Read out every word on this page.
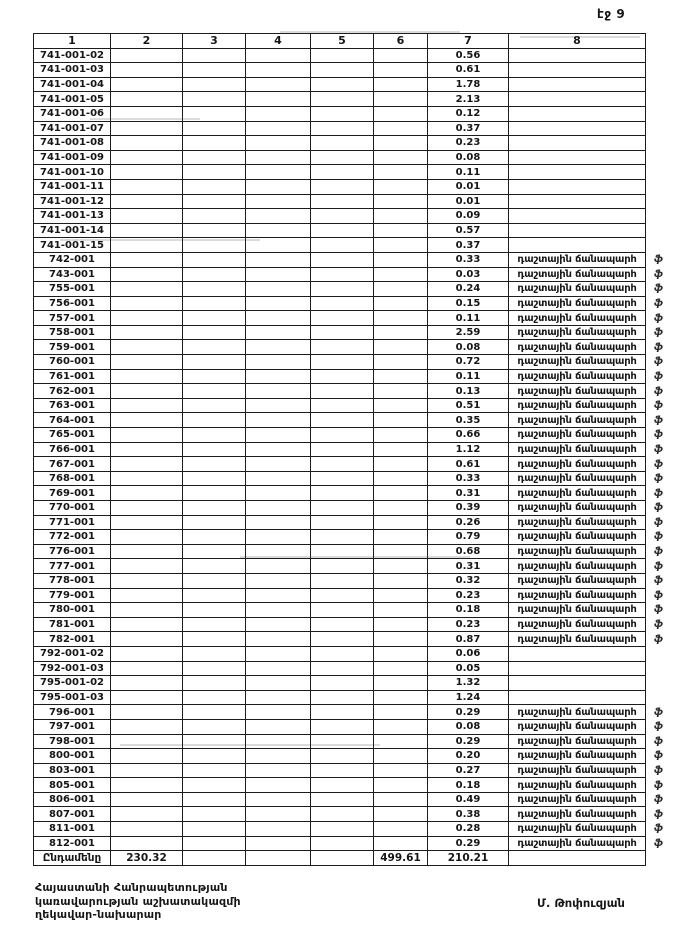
էջ 9
1	2	3	4	5	6	7	8	
741-001-02						0.56		
741-001-03						0.61		
741-001-04						1.78		
741-001-05						2.13		
741-001-06						0.12		
741-001-07						0.37		
741-001-08						0.23		
741-001-09						0.08		
741-001-10						0.11		
741-001-11						0.01		
741-001-12						0.01		
741-001-13						0.09		
741-001-14						0.57		
741-001-15						0.37		
742-001						0.33	դաշտային ճանապարհ	ֆ
743-001						0.03	դաշտային ճանապարհ	ֆ
755-001						0.24	դաշտային ճանապարհ	ֆ
756-001						0.15	դաշտային ճանապարհ	ֆ
757-001						0.11	դաշտային ճանապարհ	ֆ
758-001						2.59	դաշտային ճանապարհ	ֆ
759-001						0.08	դաշտային ճանապարհ	ֆ
760-001						0.72	դաշտային ճանապարհ	ֆ
761-001						0.11	դաշտային ճանապարհ	ֆ
762-001						0.13	դաշտային ճանապարհ	ֆ
763-001						0.51	դաշտային ճանապարհ	ֆ
764-001						0.35	դաշտային ճանապարհ	ֆ
765-001						0.66	դաշտային ճանապարհ	ֆ
766-001						1.12	դաշտային ճանապարհ	ֆ
767-001						0.61	դաշտային ճանապարհ	ֆ
768-001						0.33	դաշտային ճանապարհ	ֆ
769-001						0.31	դաշտային ճանապարհ	ֆ
770-001						0.39	դաշտային ճանապարհ	ֆ
771-001						0.26	դաշտային ճանապարհ	ֆ
772-001						0.79	դաշտային ճանապարհ	ֆ
776-001						0.68	դաշտային ճանապարհ	ֆ
777-001						0.31	դաշտային ճանապարհ	ֆ
778-001						0.32	դաշտային ճանապարհ	ֆ
779-001						0.23	դաշտային ճանապարհ	ֆ
780-001						0.18	դաշտային ճանապարհ	ֆ
781-001						0.23	դաշտային ճանապարհ	ֆ
782-001						0.87	դաշտային ճանապարհ	ֆ
792-001-02						0.06		
792-001-03						0.05		
795-001-02						1.32		
795-001-03						1.24		
796-001						0.29	դաշտային ճանապարհ	ֆ
797-001						0.08	դաշտային ճանապարհ	ֆ
798-001						0.29	դաշտային ճանապարհ	ֆ
800-001						0.20	դաշտային ճանապարհ	ֆ
803-001						0.27	դաշտային ճանապարհ	ֆ
805-001						0.18	դաշտային ճանապարհ	ֆ
806-001						0.49	դաշտային ճանապարհ	ֆ
807-001						0.38	դաշտային ճանապարհ	ֆ
811-001						0.28	դաշտային ճանապարհ	ֆ
812-001						0.29	դաշտային ճանապարհ	ֆ
Ընդամենը	230.32				499.61	210.21		
Հայաստանի Հանրապետության
կառավարության աշխատակազմի
ղեկավար-նախարար
Մ. Թոփուզյան
